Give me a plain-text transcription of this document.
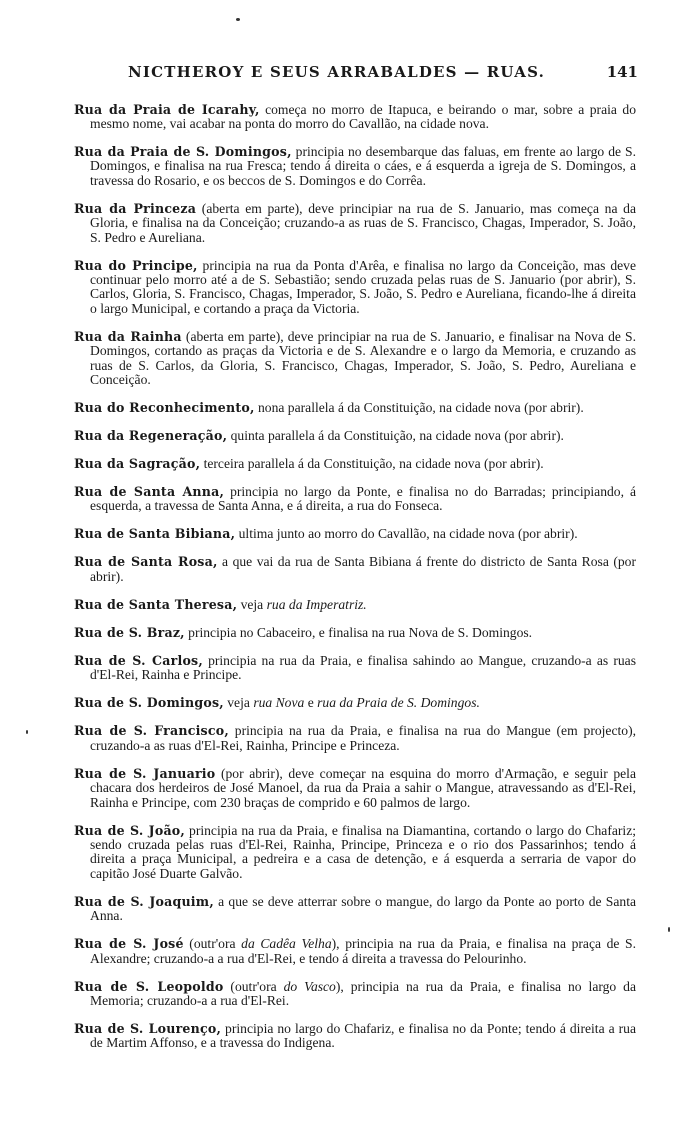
NICTHEROY E SEUS ARRABALDES — RUAS.	141

Rua da Praia de Icarahy, começa no morro de Itapuca, e beirando o mar, sobre a praia do mesmo nome, vai acabar na ponta do morro do Cavallão, na cidade nova.

Rua da Praia de S. Domingos, principia no desembarque das faluas, em frente ao largo de S. Domingos, e finalisa na rua Fresca; tendo á direita o cáes, e á esquerda a igreja de S. Domingos, a travessa do Rosario, e os beccos de S. Domingos e do Corrêa.

Rua da Princeza (aberta em parte), deve principiar na rua de S. Januario, mas começa na da Gloria, e finalisa na da Conceição; cruzando-a as ruas de S. Francisco, Chagas, Imperador, S. João, S. Pedro e Aureliana.

Rua do Principe, principia na rua da Ponta d'Arêa, e finalisa no largo da Conceição, mas deve continuar pelo morro até a de S. Sebastião; sendo cruzada pelas ruas de S. Januario (por abrir), S. Carlos, Gloria, S. Francisco, Chagas, Imperador, S. João, S. Pedro e Aureliana, ficando-lhe á direita o largo Municipal, e cortando a praça da Victoria.

Rua da Rainha (aberta em parte), deve principiar na rua de S. Januario, e finalisar na Nova de S. Domingos, cortando as praças da Victoria e de S. Alexandre e o largo da Memoria, e cruzando as ruas de S. Carlos, da Gloria, S. Francisco, Chagas, Imperador, S. João, S. Pedro, Aureliana e Conceição.

Rua do Reconhecimento, nona parallela á da Constituição, na cidade nova (por abrir).

Rua da Regeneração, quinta parallela á da Constituição, na cidade nova (por abrir).

Rua da Sagração, terceira parallela á da Constituição, na cidade nova (por abrir).

Rua de Santa Anna, principia no largo da Ponte, e finalisa no do Barradas; principiando, á esquerda, a travessa de Santa Anna, e á direita, a rua do Fonseca.

Rua de Santa Bibiana, ultima junto ao morro do Cavallão, na cidade nova (por abrir).

Rua de Santa Rosa, a que vai da rua de Santa Bibiana á frente do districto de Santa Rosa (por abrir).

Rua de Santa Theresa, veja rua da Imperatriz.

Rua de S. Braz, principia no Cabaceiro, e finalisa na rua Nova de S. Domingos.

Rua de S. Carlos, principia na rua da Praia, e finalisa sahindo ao Mangue, cruzando-a as ruas d'El-Rei, Rainha e Principe.

Rua de S. Domingos, veja rua Nova e rua da Praia de S. Domingos.

Rua de S. Francisco, principia na rua da Praia, e finalisa na rua do Mangue (em projecto), cruzando-a as ruas d'El-Rei, Rainha, Principe e Princeza.

Rua de S. Januario (por abrir), deve começar na esquina do morro d'Armação, e seguir pela chacara dos herdeiros de José Manoel, da rua da Praia a sahir o Mangue, atravessando as d'El-Rei, Rainha e Principe, com 230 braças de comprido e 60 palmos de largo.

Rua de S. João, principia na rua da Praia, e finalisa na Diamantina, cortando o largo do Chafariz; sendo cruzada pelas ruas d'El-Rei, Rainha, Principe, Princeza e o rio dos Passarinhos; tendo á direita a praça Municipal, a pedreira e a casa de detenção, e á esquerda a serraria de vapor do capitão José Duarte Galvão.

Rua de S. Joaquim, a que se deve atterrar sobre o mangue, do largo da Ponte ao porto de Santa Anna.

Rua de S. José (outr'ora da Cadêa Velha), principia na rua da Praia, e finalisa na praça de S. Alexandre; cruzando-a a rua d'El-Rei, e tendo á direita a travessa do Pelourinho.

Rua de S. Leopoldo (outr'ora do Vasco), principia na rua da Praia, e finalisa no largo da Memoria; cruzando-a a rua d'El-Rei.

Rua de S. Lourenço, principia no largo do Chafariz, e finalisa no da Ponte; tendo á direita a rua de Martim Affonso, e a travessa do Indigena.
